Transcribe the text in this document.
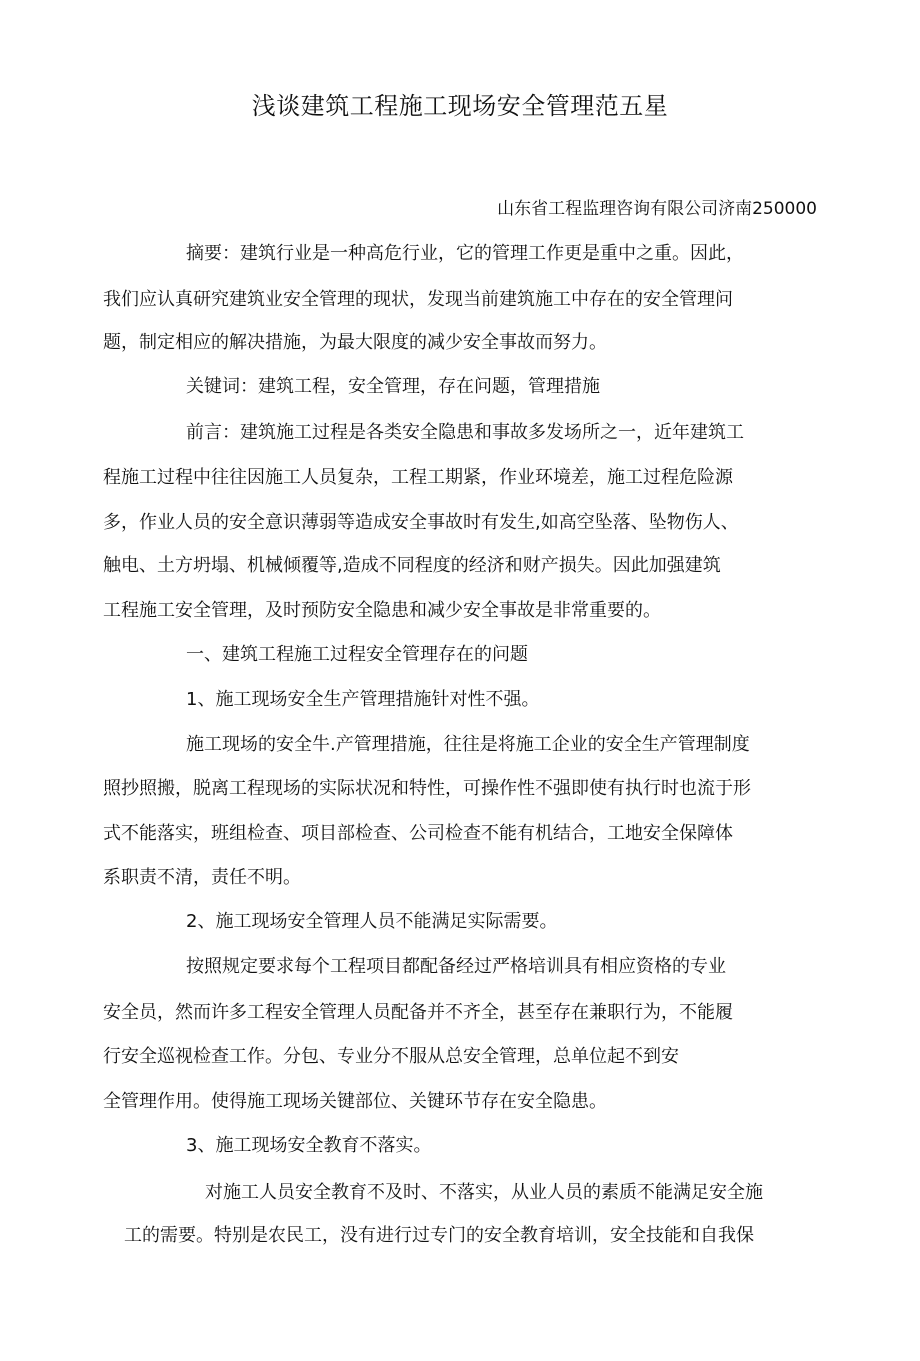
浅谈建筑工程施工现场安全管理范五星
山东省工程监理咨询有限公司济南250000
摘要：建筑行业是一种高危行业，它的管理工作更是重中之重。因此，
我们应认真研究建筑业安全管理的现状，发现当前建筑施工中存在的安全管理问
题，制定相应的解决措施，为最大限度的减少安全事故而努力。
关键词：建筑工程，安全管理，存在问题，管理措施
前言：建筑施工过程是各类安全隐患和事故多发场所之一，近年建筑工
程施工过程中往往因施工人员复杂，工程工期紧，作业环境差，施工过程危险源
多，作业人员的安全意识薄弱等造成安全事故时有发生,如高空坠落、坠物伤人、
触电、土方坍塌、机械倾覆等,造成不同程度的经济和财产损失。因此加强建筑
工程施工安全管理，及时预防安全隐患和减少安全事故是非常重要的。
一、建筑工程施工过程安全管理存在的问题
1、施工现场安全生产管理措施针对性不强。
施工现场的安全牛.产管理措施，往往是将施工企业的安全生产管理制度
照抄照搬，脱离工程现场的实际状况和特性，可操作性不强即使有执行时也流于形
式不能落实，班组检查、项目部检查、公司检查不能有机结合，工地安全保障体
系职责不清，责任不明。
2、施工现场安全管理人员不能满足实际需要。
按照规定要求每个工程项目都配备经过严格培训具有相应资格的专业
安全员，然而许多工程安全管理人员配备并不齐全，甚至存在兼职行为，不能履
行安全巡视检查工作。分包、专业分不服从总安全管理，总单位起不到安
全管理作用。使得施工现场关键部位、关键环节存在安全隐患。
3、施工现场安全教育不落实。
对施工人员安全教育不及时、不落实，从业人员的素质不能满足安全施
工的需要。特别是农民工，没有进行过专门的安全教育培训，安全技能和自我保
